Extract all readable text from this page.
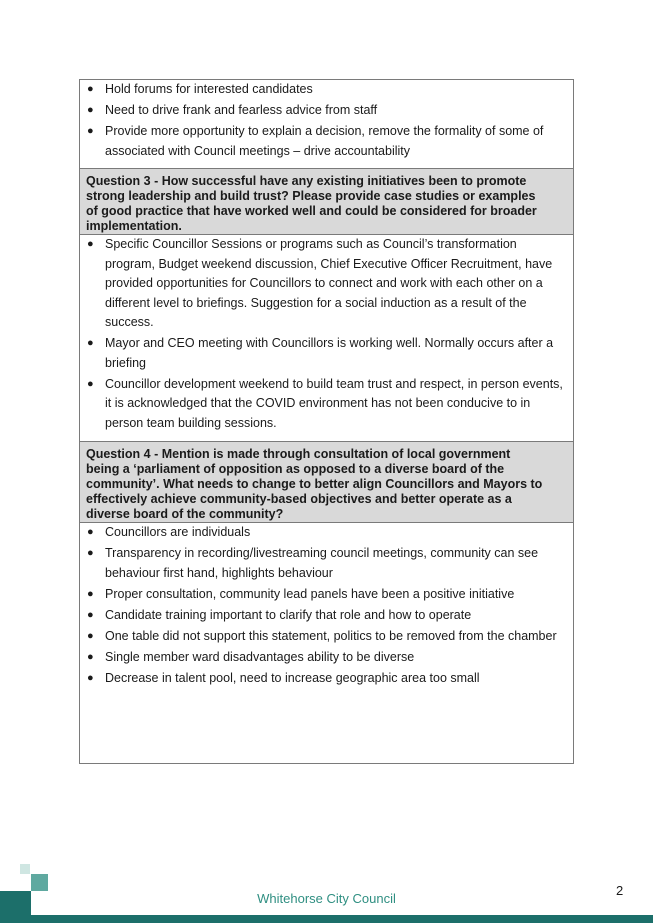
● Hold forums for interested candidates
● Need to drive frank and fearless advice from staff
● Provide more opportunity to explain a decision, remove the formality of some of associated with Council meetings – drive accountability
Question 3 - How successful have any existing initiatives been to promote
strong leadership and build trust? Please provide case studies or examples
of good practice that have worked well and could be considered for broader
implementation.
● Specific Councillor Sessions or programs such as Council’s transformation program, Budget weekend discussion, Chief Executive Officer Recruitment, have provided opportunities for Councillors to connect and work with each other on a different level to briefings. Suggestion for a social induction as a result of the success.
● Mayor and CEO meeting with Councillors is working well. Normally occurs after a briefing
● Councillor development weekend to build team trust and respect, in person events, it is acknowledged that the COVID environment has not been conducive to in person team building sessions.
Question 4 - Mention is made through consultation of local government
being a ‘parliament of opposition as opposed to a diverse board of the
community’. What needs to change to better align Councillors and Mayors to
effectively achieve community-based objectives and better operate as a
diverse board of the community?
● Councillors are individuals
● Transparency in recording/livestreaming council meetings, community can see behaviour first hand, highlights behaviour
● Proper consultation, community lead panels have been a positive initiative
● Candidate training important to clarify that role and how to operate
● One table did not support this statement, politics to be removed from the chamber
● Single member ward disadvantages ability to be diverse
● Decrease in talent pool, need to increase geographic area too small
Whitehorse City Council
2
